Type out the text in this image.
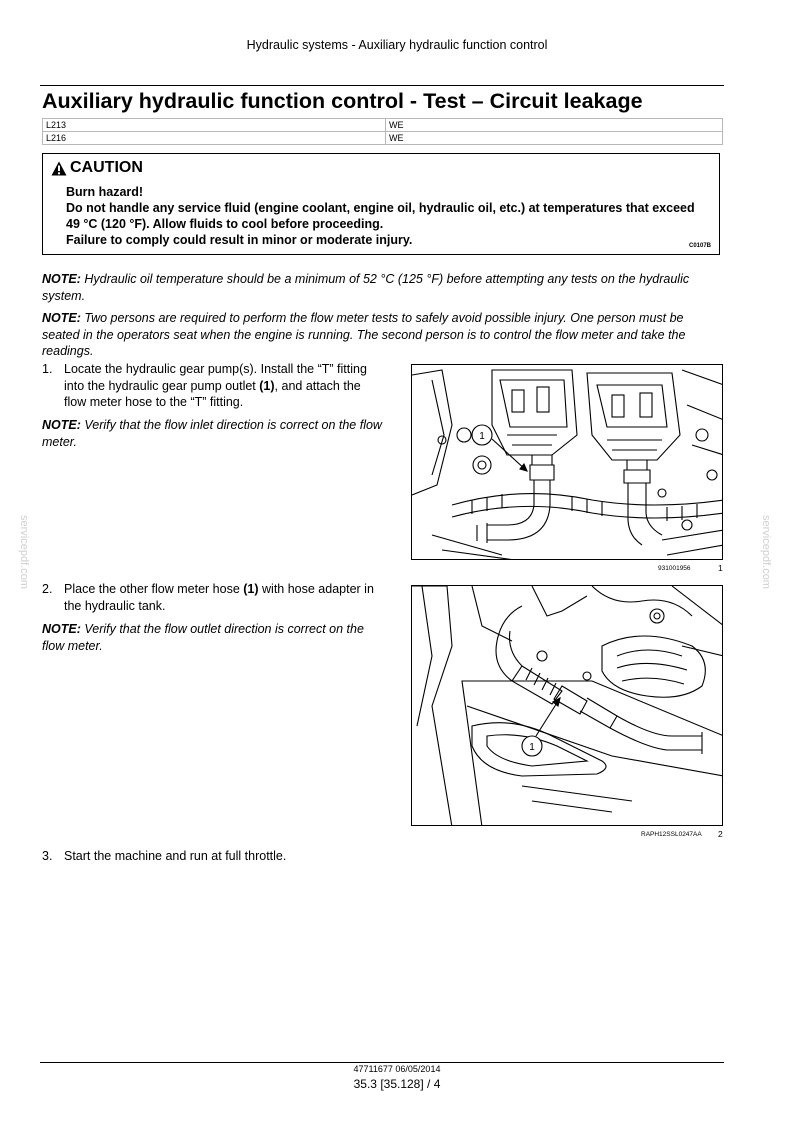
Hydraulic systems - Auxiliary hydraulic function control
Auxiliary hydraulic function control - Test – Circuit leakage
L213	WE
L216	WE
CAUTION
Burn hazard!
Do not handle any service fluid (engine coolant, engine oil, hydraulic oil, etc.) at temperatures that exceed 49 °C (120 °F). Allow fluids to cool before proceeding.
Failure to comply could result in minor or moderate injury.	C0107B
NOTE: Hydraulic oil temperature should be a minimum of 52 °C (125 °F) before attempting any tests on the hydraulic system.
NOTE: Two persons are required to perform the flow meter tests to safely avoid possible injury. One person must be seated in the operators seat when the engine is running. The second person is to control the flow meter and take the readings.
1. Locate the hydraulic gear pump(s). Install the “T” fitting into the hydraulic gear pump outlet (1), and attach the flow meter hose to the “T” fitting.
NOTE: Verify that the flow inlet direction is correct on the flow meter.	1
931001956	1
2. Place the other flow meter hose (1) with hose adapter in the hydraulic tank.
NOTE: Verify that the flow outlet direction is correct on the flow meter.
1
RAPH12SSL0247AA 2
3. Start the machine and run at full throttle.
servicepdf.com	servicepdf.com
47711677 06/05/2014
35.3 [35.128] / 4
